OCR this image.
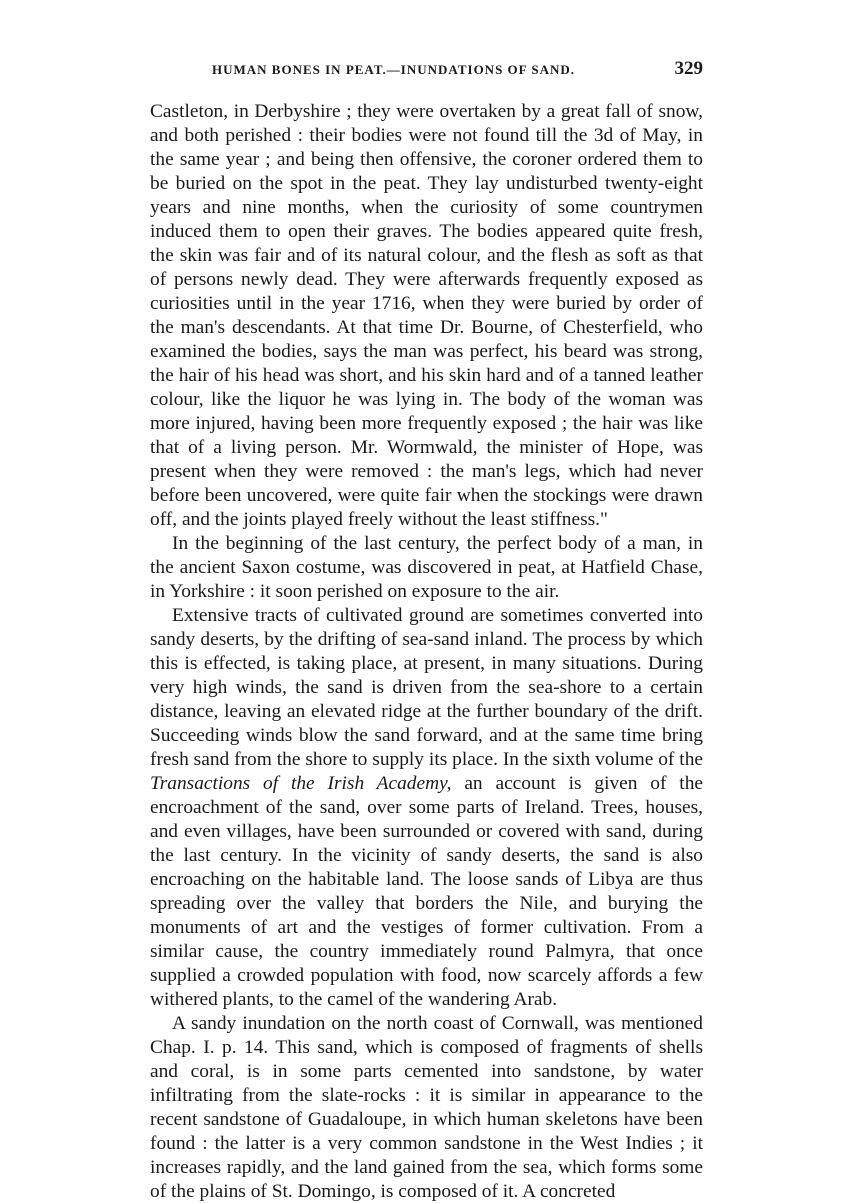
HUMAN BONES IN PEAT.—INUNDATIONS OF SAND.	329

Castleton, in Derbyshire ; they were overtaken by a great fall of snow, and both perished : their bodies were not found till the 3d of May, in the same year ; and being then offensive, the coroner ordered them to be buried on the spot in the peat. They lay undisturbed twenty-eight years and nine months, when the curiosity of some countrymen induced them to open their graves. The bodies appeared quite fresh, the skin was fair and of its natural colour, and the flesh as soft as that of persons newly dead. They were afterwards frequently exposed as curiosities until in the year 1716, when they were buried by order of the man's descendants. At that time Dr. Bourne, of Chesterfield, who examined the bodies, says the man was perfect, his beard was strong, the hair of his head was short, and his skin hard and of a tanned leather colour, like the liquor he was lying in. The body of the woman was more injured, having been more frequently exposed ; the hair was like that of a living person. Mr. Wormwald, the minister of Hope, was present when they were removed : the man's legs, which had never before been uncovered, were quite fair when the stockings were drawn off, and the joints played freely without the least stiffness."

In the beginning of the last century, the perfect body of a man, in the ancient Saxon costume, was discovered in peat, at Hatfield Chase, in Yorkshire : it soon perished on exposure to the air.

Extensive tracts of cultivated ground are sometimes converted into sandy deserts, by the drifting of sea-sand inland. The process by which this is effected, is taking place, at present, in many situations. During very high winds, the sand is driven from the sea-shore to a certain distance, leaving an elevated ridge at the further boundary of the drift. Succeeding winds blow the sand forward, and at the same time bring fresh sand from the shore to supply its place. In the sixth volume of the Transactions of the Irish Academy, an account is given of the encroachment of the sand, over some parts of Ireland. Trees, houses, and even villages, have been surrounded or covered with sand, during the last century. In the vicinity of sandy deserts, the sand is also encroaching on the habitable land. The loose sands of Libya are thus spreading over the valley that borders the Nile, and burying the monuments of art and the vestiges of former cultivation. From a similar cause, the country immediately round Palmyra, that once supplied a crowded population with food, now scarcely affords a few withered plants, to the camel of the wandering Arab.

A sandy inundation on the north coast of Cornwall, was mentioned Chap. I. p. 14. This sand, which is composed of fragments of shells and coral, is in some parts cemented into sandstone, by water infiltrating from the slate-rocks : it is similar in appearance to the recent sandstone of Guadaloupe, in which human skeletons have been found : the latter is a very common sandstone in the West Indies ; it increases rapidly, and the land gained from the sea, which forms some of the plains of St. Domingo, is composed of it. A concreted
